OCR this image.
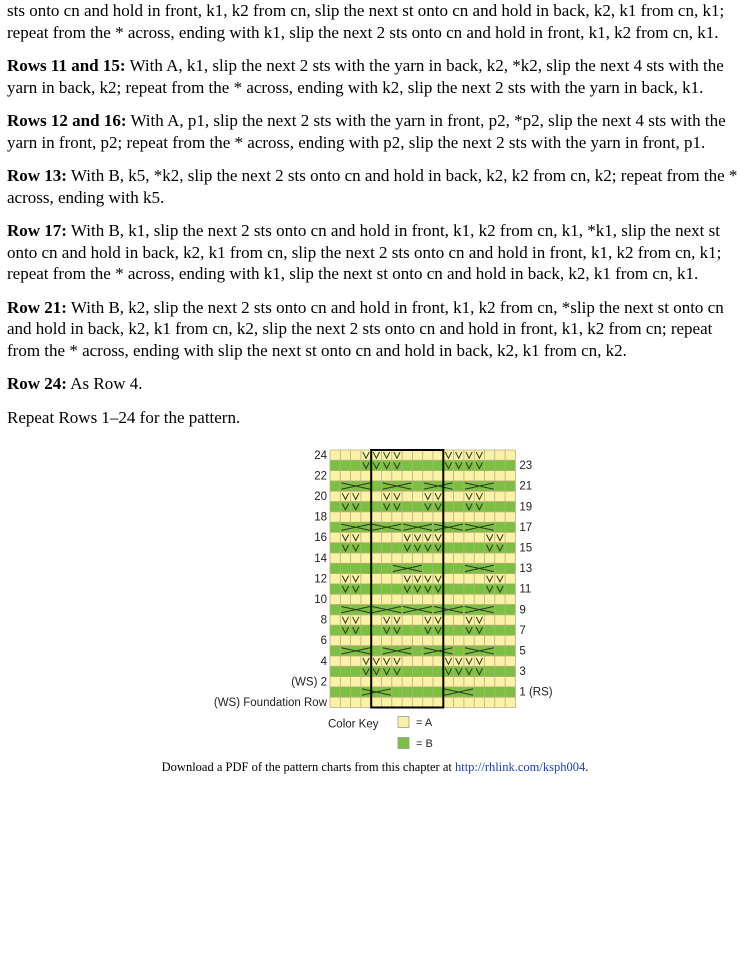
sts onto cn and hold in front, k1, k2 from cn, slip the next st onto cn and hold in back, k2, k1 from cn, k1; repeat from the * across, ending with k1, slip the next 2 sts onto cn and hold in front, k1, k2 from cn, k1.

Rows 11 and 15: With A, k1, slip the next 2 sts with the yarn in back, k2, *k2, slip the next 4 sts with the yarn in back, k2; repeat from the * across, ending with k2, slip the next 2 sts with the yarn in back, k1.

Rows 12 and 16: With A, p1, slip the next 2 sts with the yarn in front, p2, *p2, slip the next 4 sts with the yarn in front, p2; repeat from the * across, ending with p2, slip the next 2 sts with the yarn in front, p1.

Row 13: With B, k5, *k2, slip the next 2 sts onto cn and hold in back, k2, k2 from cn, k2; repeat from the * across, ending with k5.

Row 17: With B, k1, slip the next 2 sts onto cn and hold in front, k1, k2 from cn, k1, *k1, slip the next st onto cn and hold in back, k2, k1 from cn, slip the next 2 sts onto cn and hold in front, k1, k2 from cn, k1; repeat from the * across, ending with k1, slip the next st onto cn and hold in back, k2, k1 from cn, k1.

Row 21: With B, k2, slip the next 2 sts onto cn and hold in front, k1, k2 from cn, *slip the next st onto cn and hold in back, k2, k1 from cn, k2, slip the next 2 sts onto cn and hold in front, k1, k2 from cn; repeat from the * across, ending with slip the next st onto cn and hold in back, k2, k1 from cn, k2.

Row 24: As Row 4.

Repeat Rows 1–24 for the pattern.

24
22
20
18
16
14
12
10
8
6
4
(WS) 2
(WS) Foundation Row
23
21
19
17
15
13
11
9
7
5
3
1 (RS)
Color Key	= A
= B
Download a PDF of the pattern charts from this chapter at http://rhlink.com/ksph004.
